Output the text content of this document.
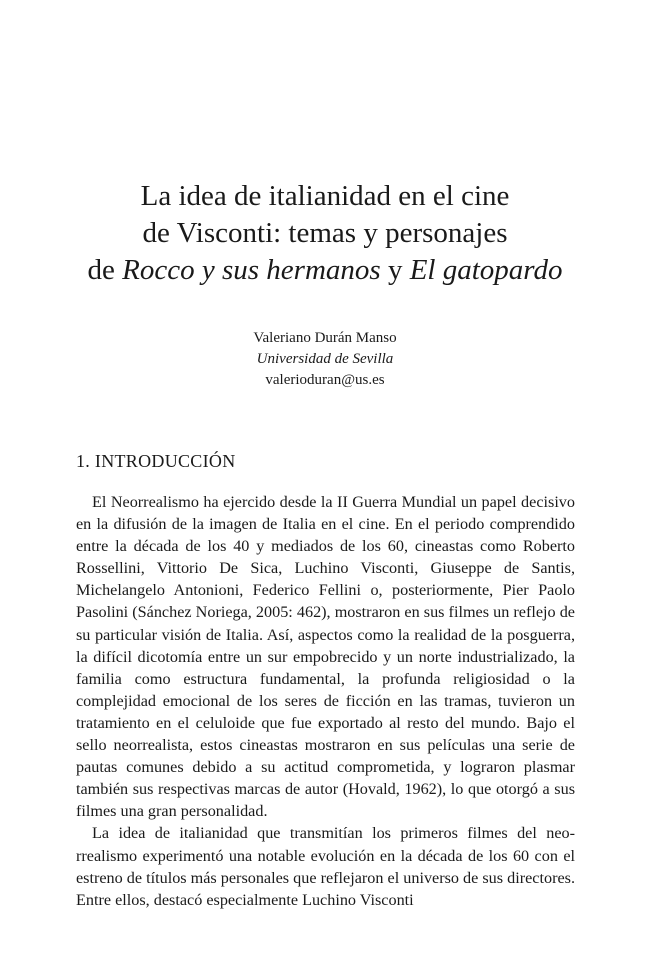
La idea de italianidad en el cine
de Visconti: temas y personajes
de Rocco y sus hermanos y El gatopardo
Valeriano Durán Manso
Universidad de Sevilla
valerioduran@us.es
1. INTRODUCCIÓN

El Neorrealismo ha ejercido desde la II Guerra Mundial un papel decisivo en la difusión de la imagen de Italia en el cine. En el periodo comprendido entre la década de los 40 y mediados de los 60, cineastas como Roberto Rossellini, Vittorio De Sica, Luchino Visconti, Giuseppe de Santis, Michelangelo Antonioni, Federico Fellini o, posteriormente, Pier Paolo Pasolini (Sánchez Noriega, 2005: 462), mostraron en sus filmes un reflejo de su particular visión de Italia. Así, aspectos como la realidad de la posguerra, la difícil dicotomía entre un sur empobrecido y un norte industrializado, la familia como estructura fundamental, la profunda religiosidad o la complejidad emocional de los seres de ficción en las tramas, tuvieron un tratamiento en el celuloide que fue exportado al resto del mundo. Bajo el sello neorrealista, estos cineastas mostraron en sus películas una serie de pautas comunes debido a su actitud comprometida, y lograron plasmar también sus respectivas marcas de autor (Hovald, 1962), lo que otorgó a sus filmes una gran personalidad.

La idea de italianidad que transmitían los primeros filmes del neorrealismo experimentó una notable evolución en la década de los 60 con el estreno de títulos más personales que reflejaron el universo de sus directores. Entre ellos, destacó especialmente Luchino Visconti
